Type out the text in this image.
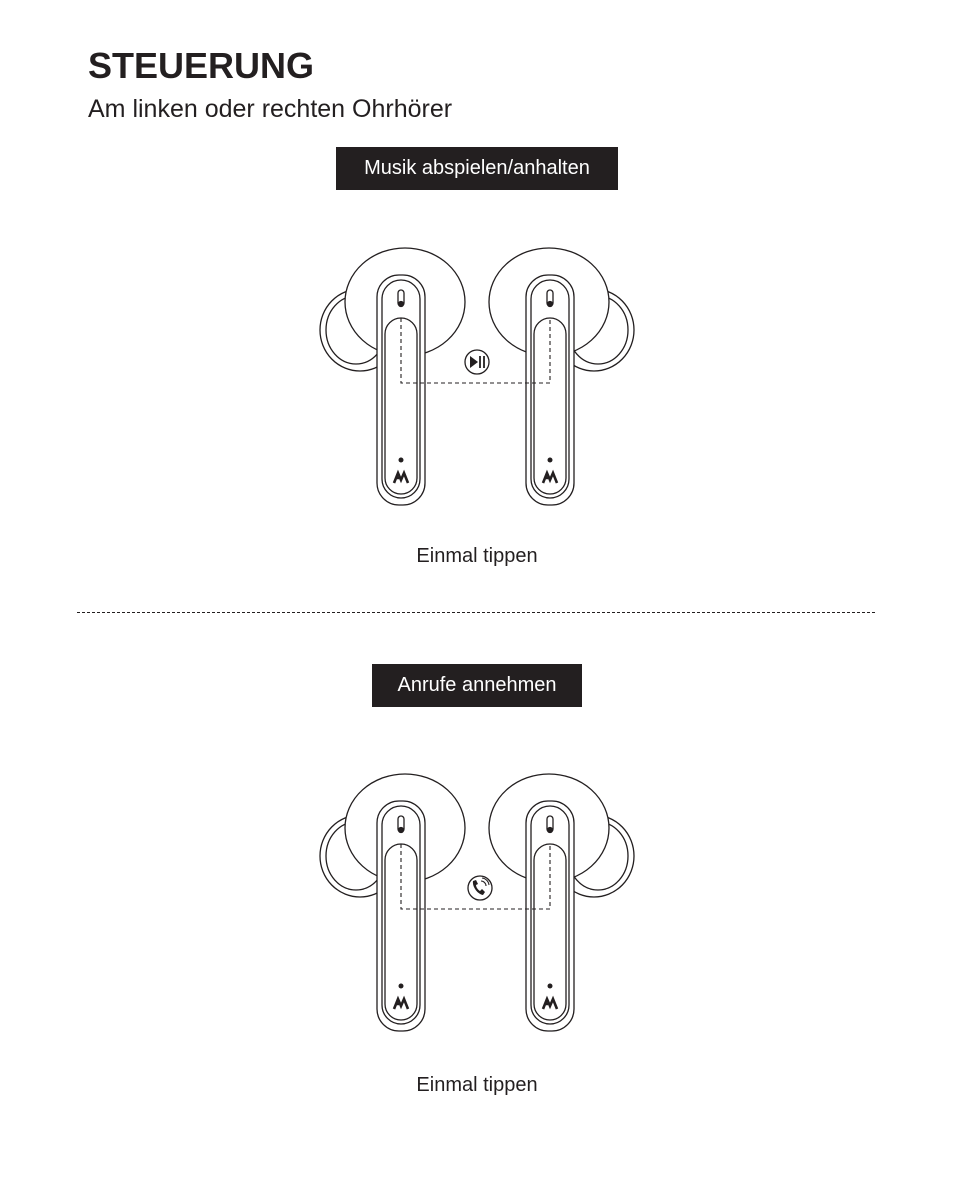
STEUERUNG

Am linken oder rechten Ohrhörer

Musik abspielen/anhalten
Einmal tippen
Anrufe annehmen
Einmal tippen
